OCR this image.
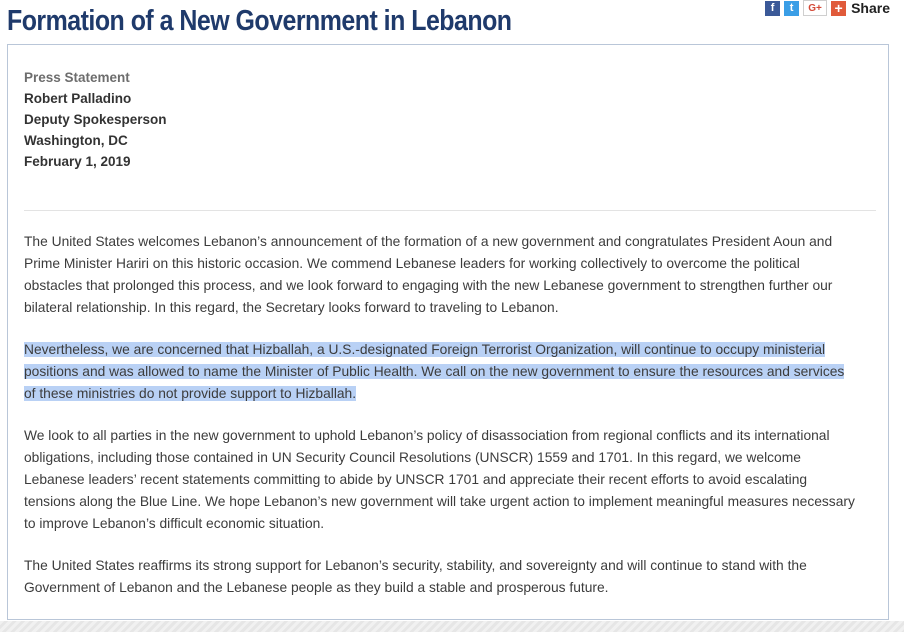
Formation of a New Government in Lebanon	f	t	G+ + Share
Press Statement
Robert Palladino
Deputy Spokesperson
Washington, DC
February 1, 2019
The United States welcomes Lebanon’s announcement of the formation of a new government and congratulates President Aoun and
Prime Minister Hariri on this historic occasion. We commend Lebanese leaders for working collectively to overcome the political
obstacles that prolonged this process, and we look forward to engaging with the new Lebanese government to strengthen further our
bilateral relationship. In this regard, the Secretary looks forward to traveling to Lebanon.
Nevertheless, we are concerned that Hizballah, a U.S.-designated Foreign Terrorist Organization, will continue to occupy ministerial
positions and was allowed to name the Minister of Public Health. We call on the new government to ensure the resources and services
of these ministries do not provide support to Hizballah.
We look to all parties in the new government to uphold Lebanon’s policy of disassociation from regional conflicts and its international
obligations, including those contained in UN Security Council Resolutions (UNSCR) 1559 and 1701. In this regard, we welcome
Lebanese leaders’ recent statements committing to abide by UNSCR 1701 and appreciate their recent efforts to avoid escalating
tensions along the Blue Line. We hope Lebanon’s new government will take urgent action to implement meaningful measures necessary
to improve Lebanon’s difficult economic situation.
The United States reaffirms its strong support for Lebanon’s security, stability, and sovereignty and will continue to stand with the
Government of Lebanon and the Lebanese people as they build a stable and prosperous future.
